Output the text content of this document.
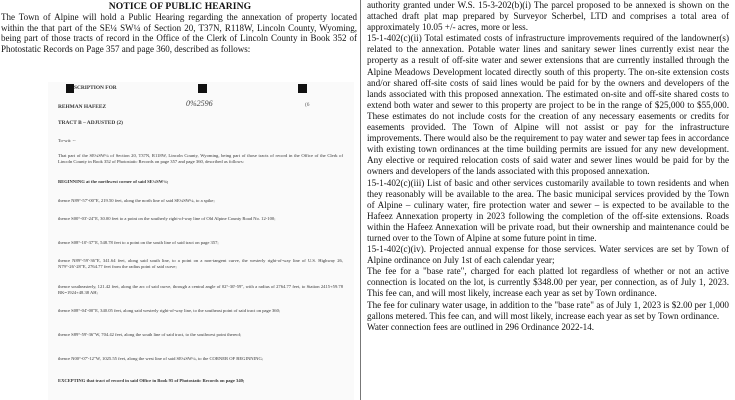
NOTICE OF PUBLIC HEARING
The Town of Alpine will hold a Public Hearing regarding the annexation of property located within the that part of the SE¼ SW¼ of Section 20, T37N, R118W, Lincoln County, Wyoming, being part of those tracts of record in the Office of the Clerk of Lincoln County in Book 352 of Photostatic Records on Page 357 and page 360, described as follows:
SCRIPTION FOR
REHMAN HAFEEZ	0%2596	(6
TRACT B – ADJUSTED (2)
To-wit: --
That part of the SE¼SW¼ of Section 20, T37N, R118W, Lincoln County, Wyoming, being part of those tracts of record in the Office of the Clerk of Lincoln County in Book 352 of Photostatic Records on page 357 and page 360, described as follows:
BEGINNING at the northwest corner of said SE¼SW¼;
thence N89°-57'-00"E, 219.50 feet, along the north line of said SE¼SW¼, to a spike;
thence S00°-03'-24"E, 30.00 feet to a point on the southerly right-of-way line of Old Alpine County Road No. 12-100;
thence S08°-10'-37"E, 548.78 feet to a point on the south line of said tract on page 357;
thence N89°-59'-36"E, 341.64 feet, along said south line, to a point on a non-tangent curve, the westerly right-of-way line of U.S. Highway 26, N79°-26'-28"E, 2764.77 feet from the radius point of said curve;
thence southeasterly, 121.42 feet, along the arc of said curve, through a central angle of 02°-30'-59", with a radius of 2764.77 feet, to Station 2415+59.78 BK=1924+48.38 AH;
thence S08°-04'-00"E, 340.05 feet, along said westerly right-of-way line, to the southeast point of said tract on page 360;
thence S89°-59'-36"W, 704.42 feet, along the south line of said tract, to the southwest point thereof;
thence N00°-07'-12"W, 1025.55 feet, along the west line of said SE¼SW¼, to the CORNER OF BEGINNING;
EXCEPTING that tract of record in said Office in Book 95 of Photostatic Records on page 340;

authority granted under W.S. 15-3-202(b)(i) The parcel proposed to be annexed is shown on the attached draft plat map prepared by Surveyor Scherbel, LTD and comprises a total area of approximately 10.05 +/- acres, more or less.

15-1-402(c)(ii) Total estimated costs of infrastructure improvements required of the landowner(s) related to the annexation. Potable water lines and sanitary sewer lines currently exist near the property as a result of off-site water and sewer extensions that are currently installed through the Alpine Meadows Development located directly south of this property. The on-site extension costs and/or shared off-site costs of said lines would be paid for by the owners and developers of the lands associated with this proposed annexation. The estimated on-site and off-site shared costs to extend both water and sewer to this property are project to be in the range of $25,000 to $55,000. These estimates do not include costs for the creation of any necessary easements or credits for easements provided. The Town of Alpine will not assist or pay for the infrastructure improvements. There would also be the requirement to pay water and sewer tap fees in accordance with existing town ordinances at the time building permits are issued for any new development. Any elective or required relocation costs of said water and sewer lines would be paid for by the owners and developers of the lands associated with this proposed annexation.

15-1-402(c)(iii) List of basic and other services customarily available to town residents and when they reasonably will be available to the area. The basic municipal services provided by the Town of Alpine – culinary water, fire protection water and sewer – is expected to be available to the Hafeez Annexation property in 2023 following the completion of the off-site extensions. Roads within the Hafeez Annexation will be private road, but their ownership and maintenance could be turned over to the Town of Alpine at some future point in time.

15-1-402(c)(iv). Projected annual expense for those services. Water services are set by Town of Alpine ordinance on July 1st of each calendar year;

The fee for a "base rate", charged for each platted lot regardless of whether or not an active connection is located on the lot, is currently $348.00 per year, per connection, as of July 1, 2023. This fee can, and will most likely, increase each year as set by Town ordinance.

The fee for culinary water usage, in addition to the "base rate" as of July 1, 2023 is $2.00 per 1,000 gallons metered. This fee can, and will most likely, increase each year as set by Town ordinance.

Water connection fees are outlined in 296 Ordinance 2022-14.
